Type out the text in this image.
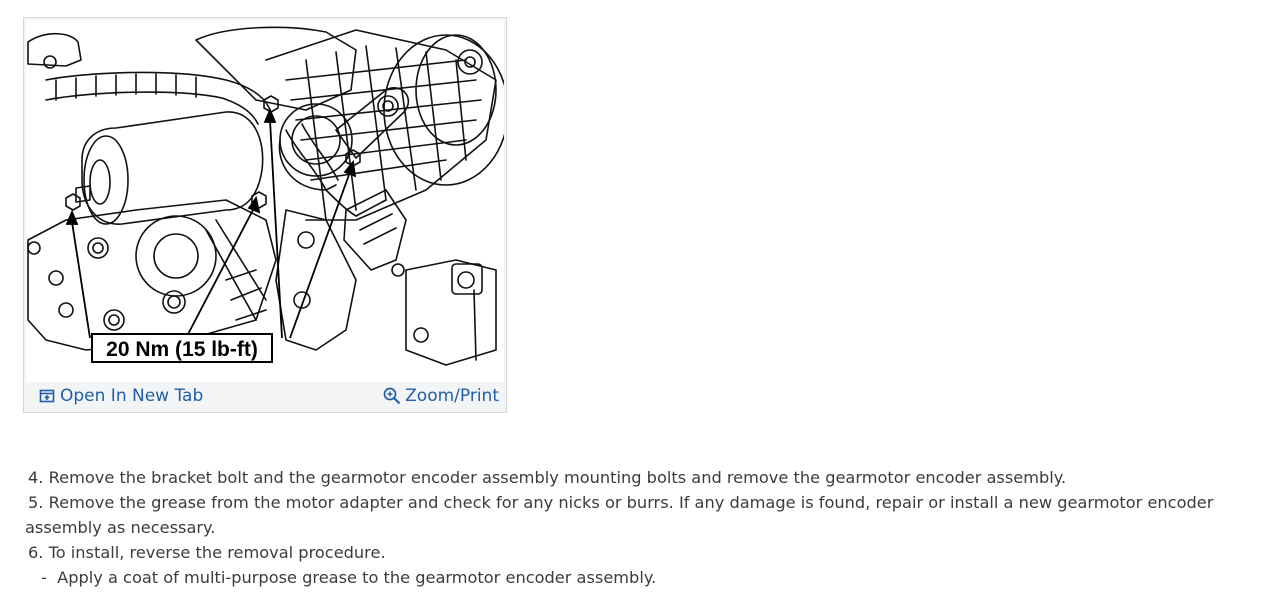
20 Nm (15 lb-ft)
Open In New Tab	Zoom/Print

4. Remove the bracket bolt and the gearmotor encoder assembly mounting bolts and remove the gearmotor encoder assembly.

5. Remove the grease from the motor adapter and check for any nicks or burrs. If any damage is found, repair or install a new gearmotor encoder assembly as necessary.

6. To install, reverse the removal procedure.

- Apply a coat of multi-purpose grease to the gearmotor encoder assembly.
